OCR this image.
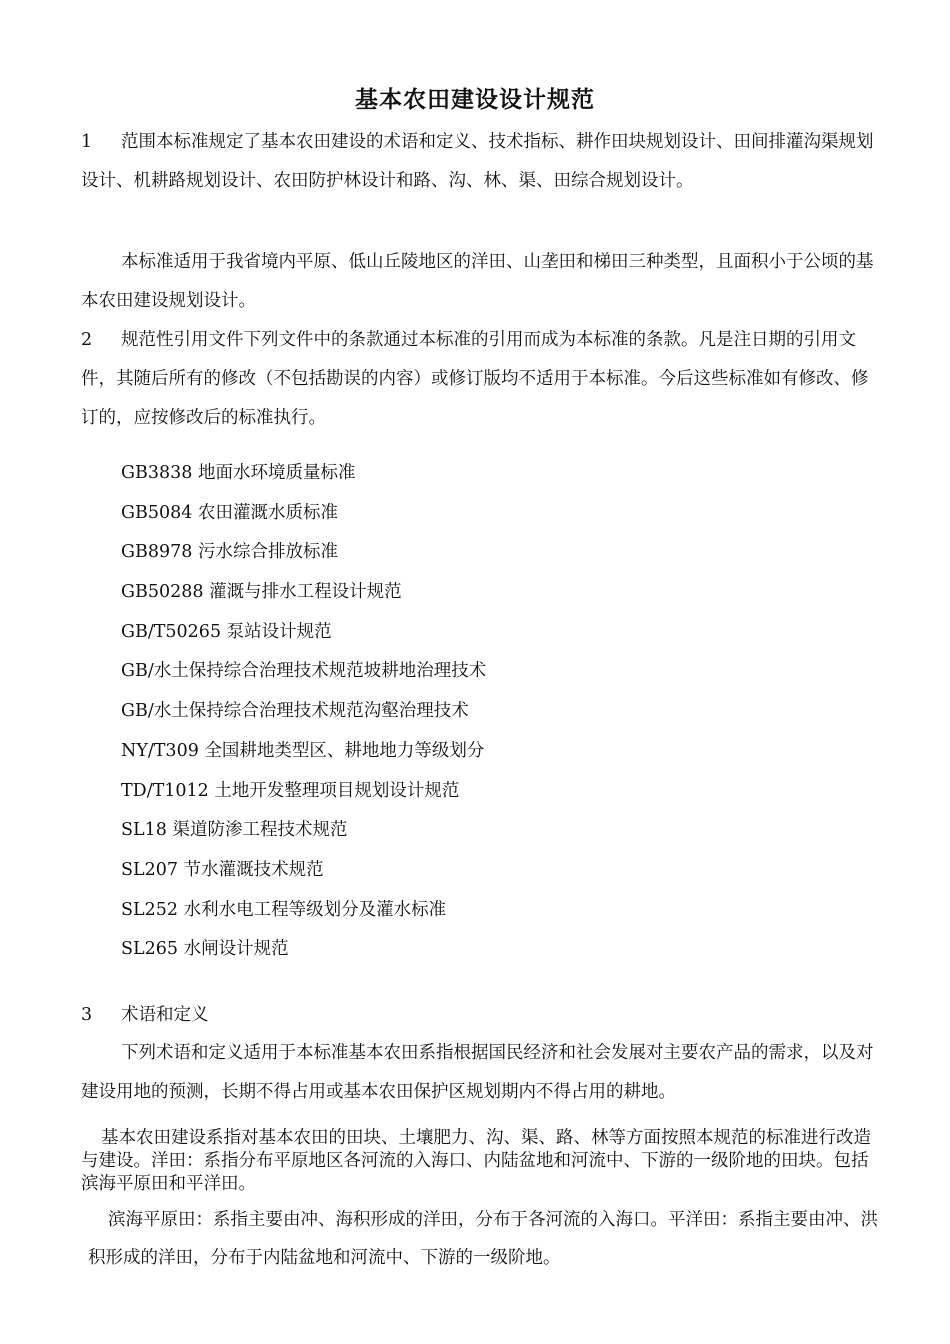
基本农田建设设计规范

1 范围本标准规定了基本农田建设的术语和定义、技术指标、耕作田块规划设计、田间排灌沟渠规划设计、机耕路规划设计、农田防护林设计和路、沟、林、渠、田综合规划设计。

本标准适用于我省境内平原、低山丘陵地区的洋田、山垄田和梯田三种类型，且面积小于公顷的基本农田建设规划设计。

2 规范性引用文件下列文件中的条款通过本标准的引用而成为本标准的条款。凡是注日期的引用文件，其随后所有的修改（不包括勘误的内容）或修订版均不适用于本标准。今后这些标准如有修改、修订的，应按修改后的标准执行。

GB3838 地面水环境质量标准
GB5084 农田灌溉水质标准
GB8978 污水综合排放标准
GB50288 灌溉与排水工程设计规范
GB/T50265 泵站设计规范
GB/水土保持综合治理技术规范坡耕地治理技术
GB/水土保持综合治理技术规范沟壑治理技术
NY/T309 全国耕地类型区、耕地地力等级划分
TD/T1012 土地开发整理项目规划设计规范
SL18 渠道防渗工程技术规范
SL207 节水灌溉技术规范
SL252 水利水电工程等级划分及灌水标准
SL265 水闸设计规范

3 术语和定义

下列术语和定义适用于本标准基本农田系指根据国民经济和社会发展对主要农产品的需求，以及对建设用地的预测，长期不得占用或基本农田保护区规划期内不得占用的耕地。

基本农田建设系指对基本农田的田块、土壤肥力、沟、渠、路、林等方面按照本规范的标准进行改造与建设。洋田：系指分布平原地区各河流的入海口、内陆盆地和河流中、下游的一级阶地的田块。包括滨海平原田和平洋田。

滨海平原田：系指主要由冲、海积形成的洋田，分布于各河流的入海口。平洋田：系指主要由冲、洪积形成的洋田，分布于内陆盆地和河流中、下游的一级阶地。
